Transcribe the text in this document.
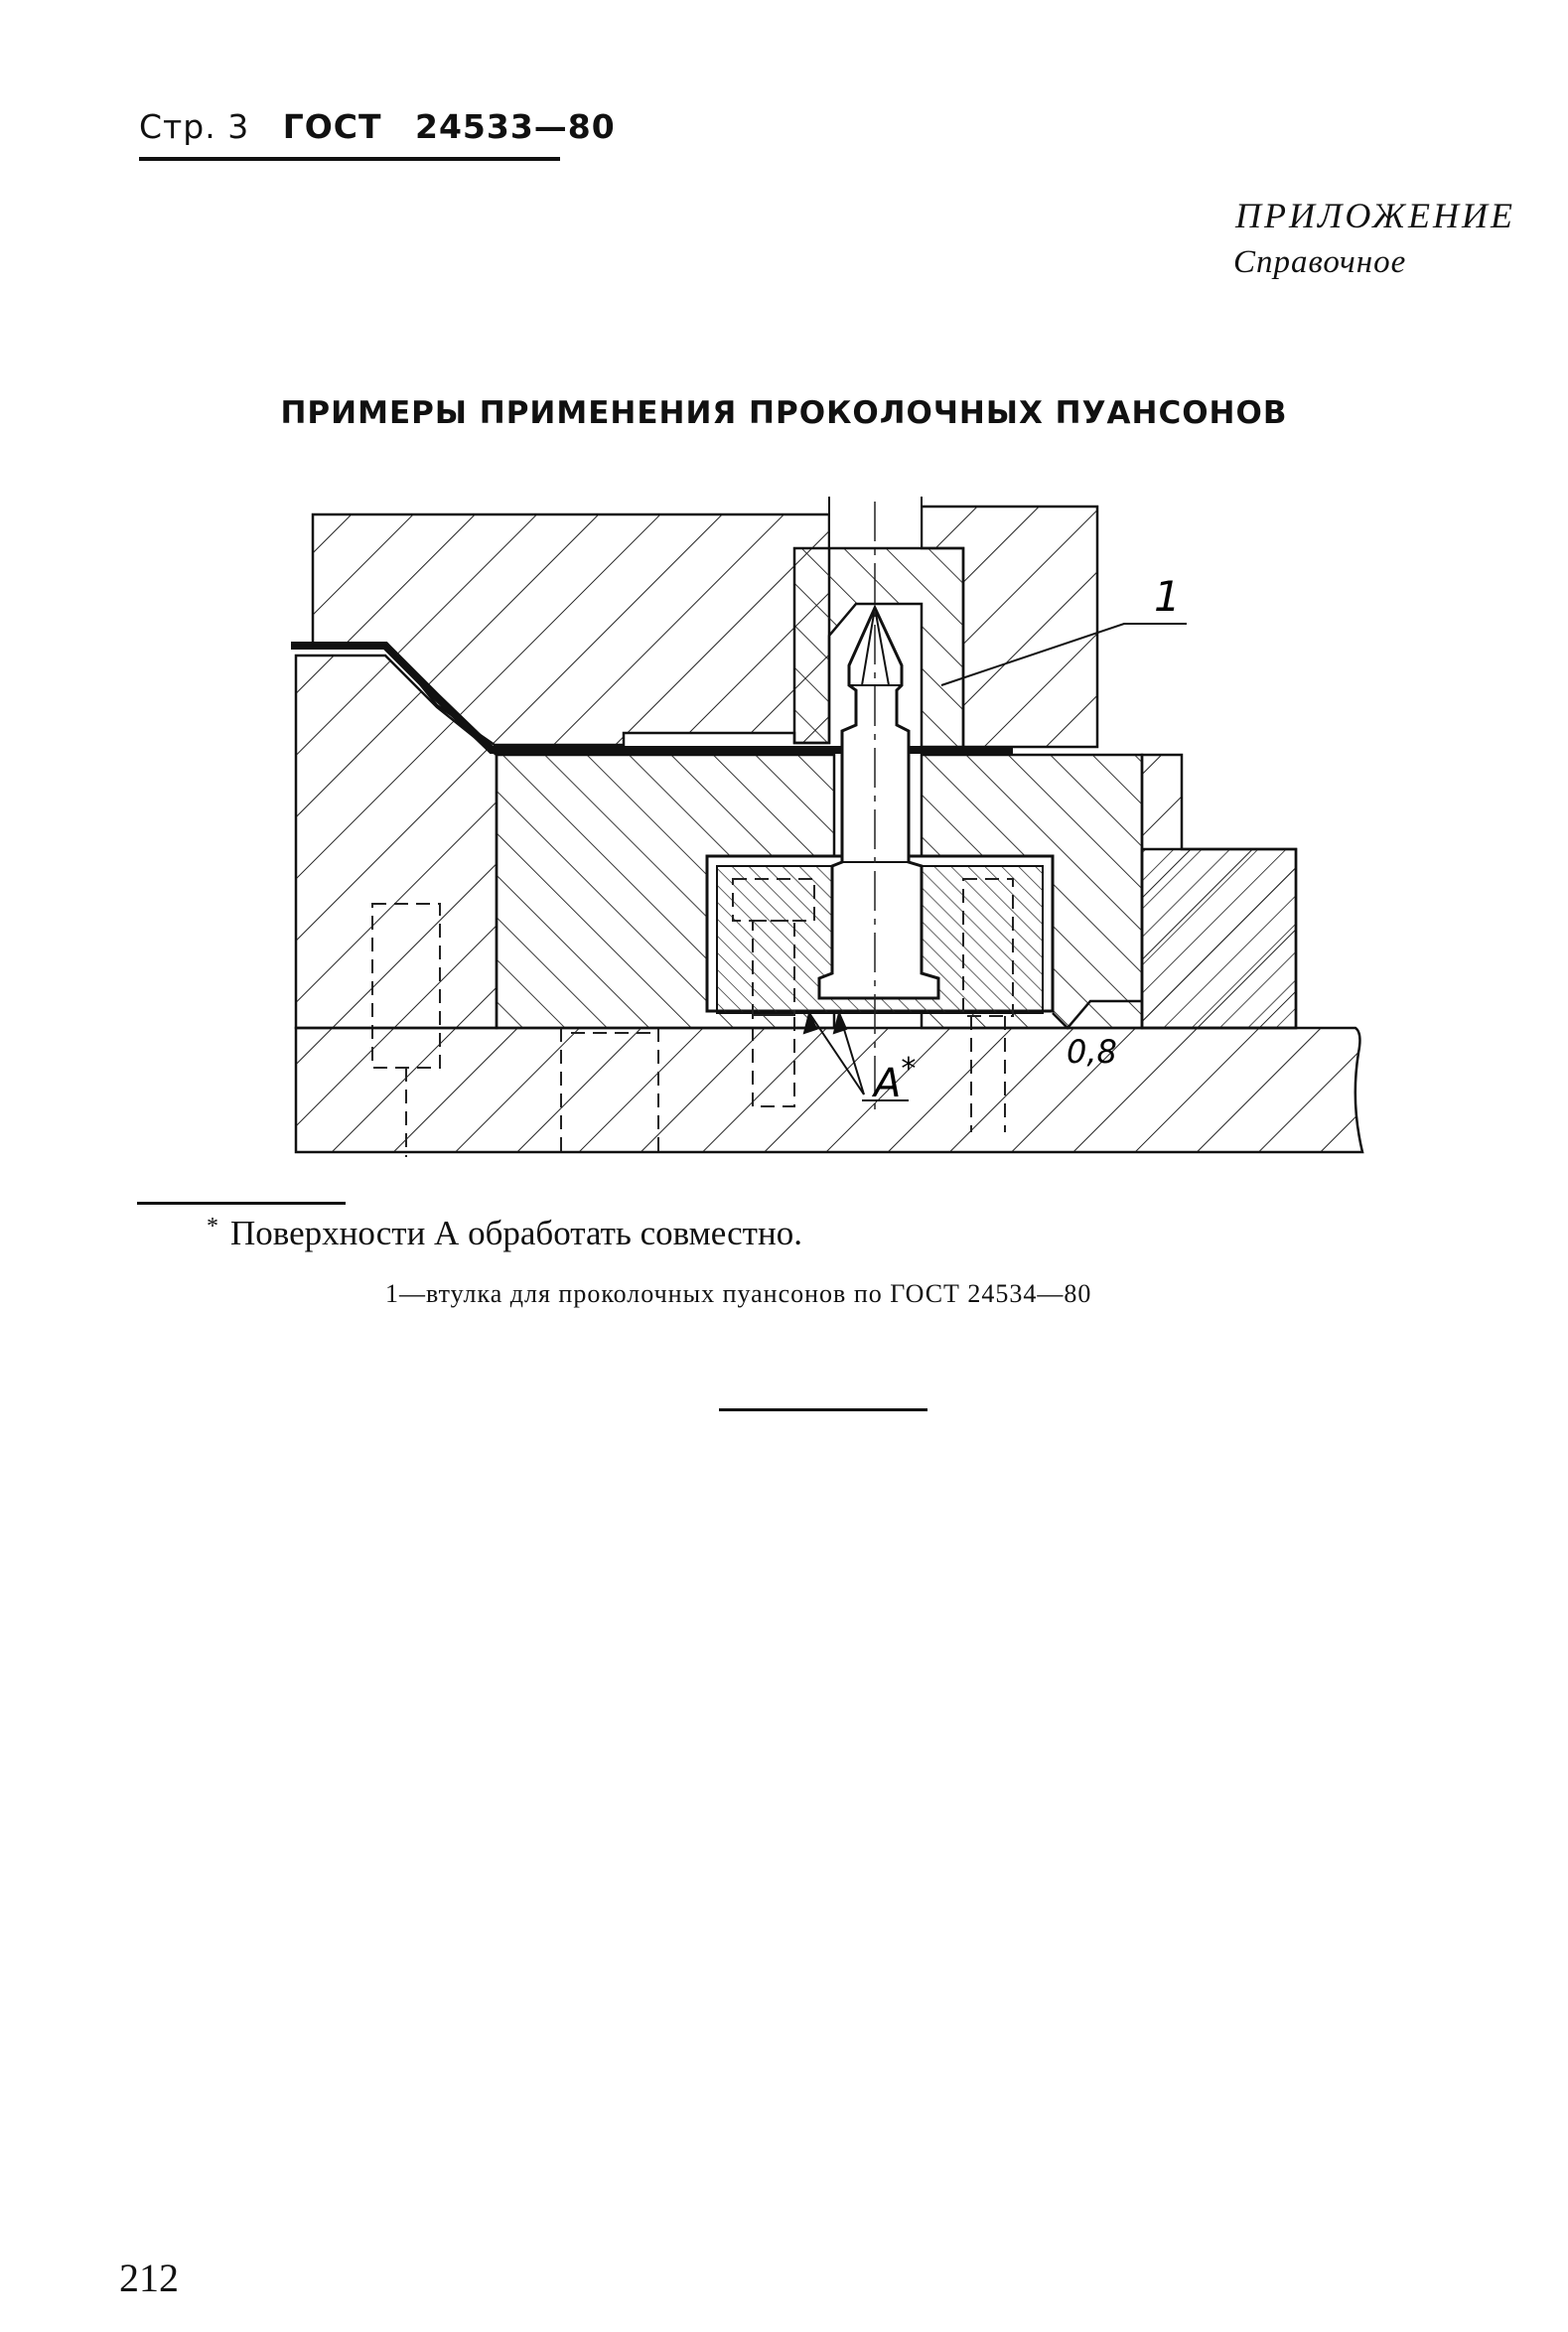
Стр. 3 ГОСТ 24533—80
ПРИЛОЖЕНИЕ
Справочное
ПРИМЕРЫ ПРИМЕНЕНИЯ ПРОКОЛОЧНЫХ ПУАНСОНОВ
1
A*	0,8
* Поверхности А обработать совместно.
1—втулка для проколочных пуансонов по ГОСТ 24534—80
212
